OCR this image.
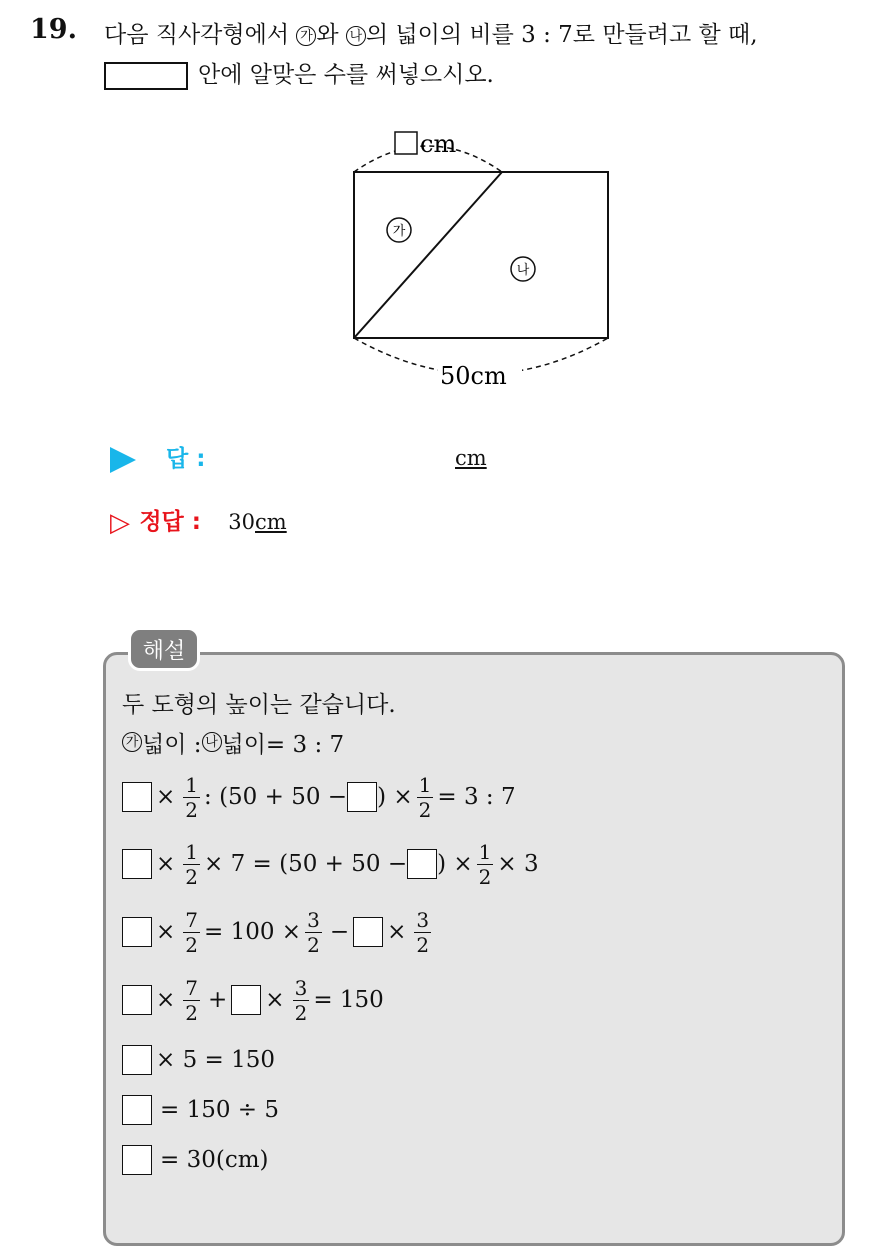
19. 다음 직사각형에서 가 와 나 의 넓이의 비를 3 : 7로 만들려고 할 때,
안에 알맞은 수를 써넣으시오.
cm
50cm
가
나
답 :	cm
▷ 정답 : 30cm
해설
두 도형의 높이는 같습니다.
가 넓이 : 나 넓이= 3 : 7
× $\frac{1}{2}$ : (50 + 50 − ) × $\frac{1}{2} = 3$ : 7
× $\frac{1}{2} \times 7 = (50 + 50$ − ) × $\frac{1}{2} \times 3$
× $\frac{7}{2} = 100 \times \frac{3}{2}$ − × $\frac{3}{2}$
× $\frac{7}{2}$ + × $\frac{3}{2} = 150$
× 5 = 150
= 150 ÷ 5
= 30(cm)
